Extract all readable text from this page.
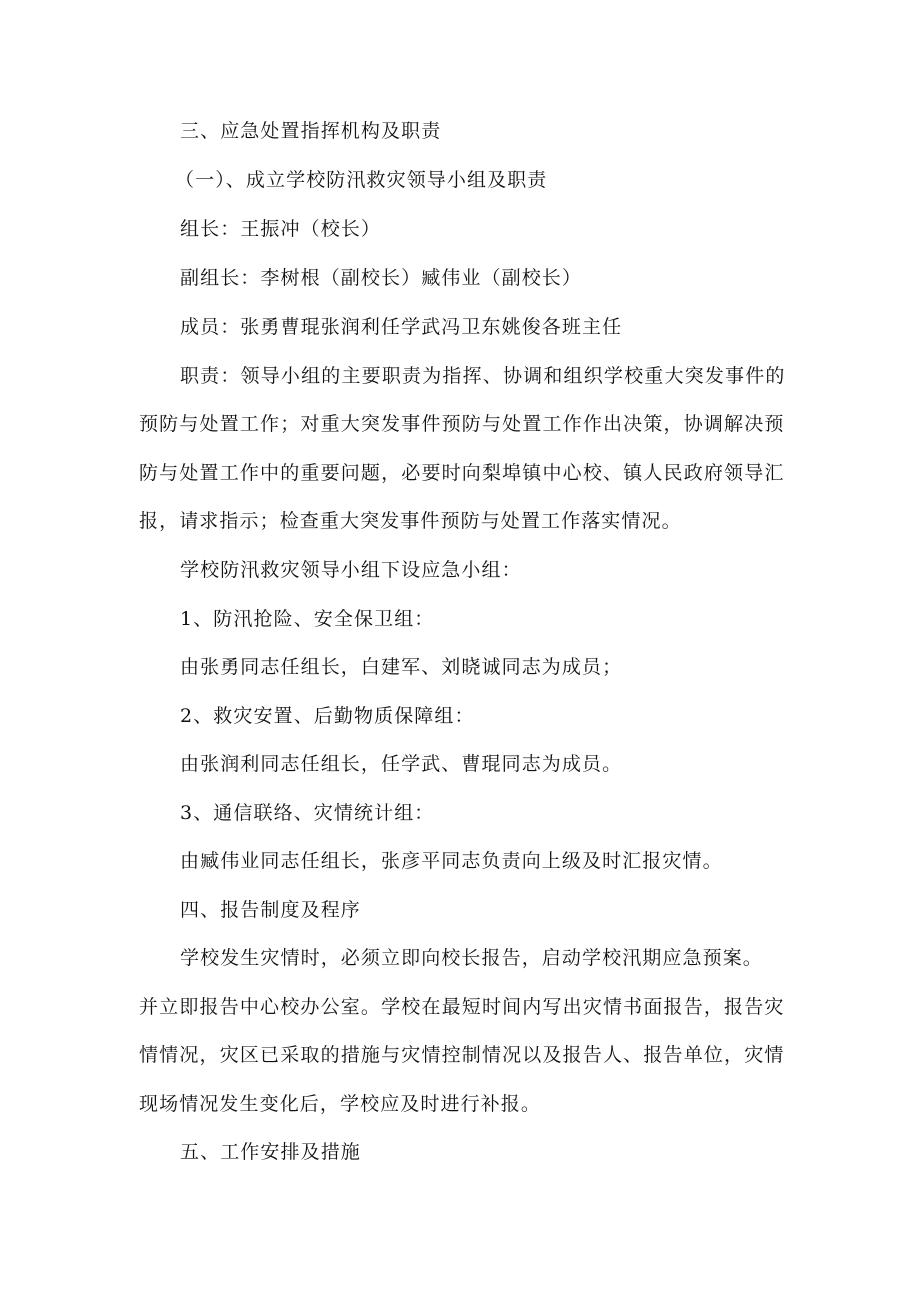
三、应急处置指挥机构及职责
（一）、成立学校防汛救灾领导小组及职责
组长：王振冲（校长）
副组长：李树根（副校长）臧伟业（副校长）
成员：张勇曹琨张润利任学武冯卫东姚俊各班主任
职责：领导小组的主要职责为指挥、协调和组织学校重大突发事件的
预防与处置工作；对重大突发事件预防与处置工作作出决策，协调解决预
防与处置工作中的重要问题，必要时向梨埠镇中心校、镇人民政府领导汇
报，请求指示；检查重大突发事件预防与处置工作落实情况。
学校防汛救灾领导小组下设应急小组：
1、防汛抢险、安全保卫组：
由张勇同志任组长，白建军、刘晓诚同志为成员；
2、救灾安置、后勤物质保障组：
由张润利同志任组长，任学武、曹琨同志为成员。
3、通信联络、灾情统计组：
由臧伟业同志任组长，张彦平同志负责向上级及时汇报灾情。
四、报告制度及程序
学校发生灾情时，必须立即向校长报告，启动学校汛期应急预案。
并立即报告中心校办公室。学校在最短时间内写出灾情书面报告，报告灾
情情况，灾区已采取的措施与灾情控制情况以及报告人、报告单位，灾情
现场情况发生变化后，学校应及时进行补报。
五、工作安排及措施
